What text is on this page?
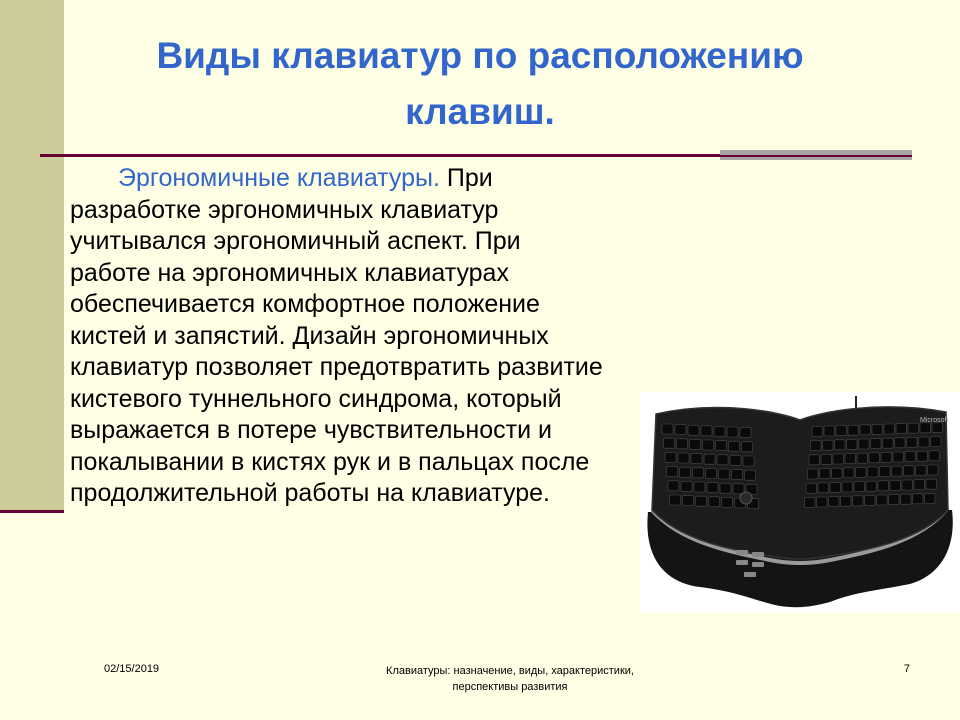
Виды клавиатур по расположению клавиш.
Эргономичные клавиатуры. При разработке эргономичных клавиатур учитывался эргономичный аспект. При работе на эргономичных клавиатурах обеспечивается комфортное положение кистей и запястий. Дизайн эргономичных клавиатур позволяет предотвратить развитие кистевого туннельного синдрома, который выражается в потере чувствительности и покалывании в кистях рук и в пальцах после продолжительной работы на клавиатуре.
Microsoft
02/15/2019	Клавиатуры: назначение, виды, характеристики, перспективы развития
7
